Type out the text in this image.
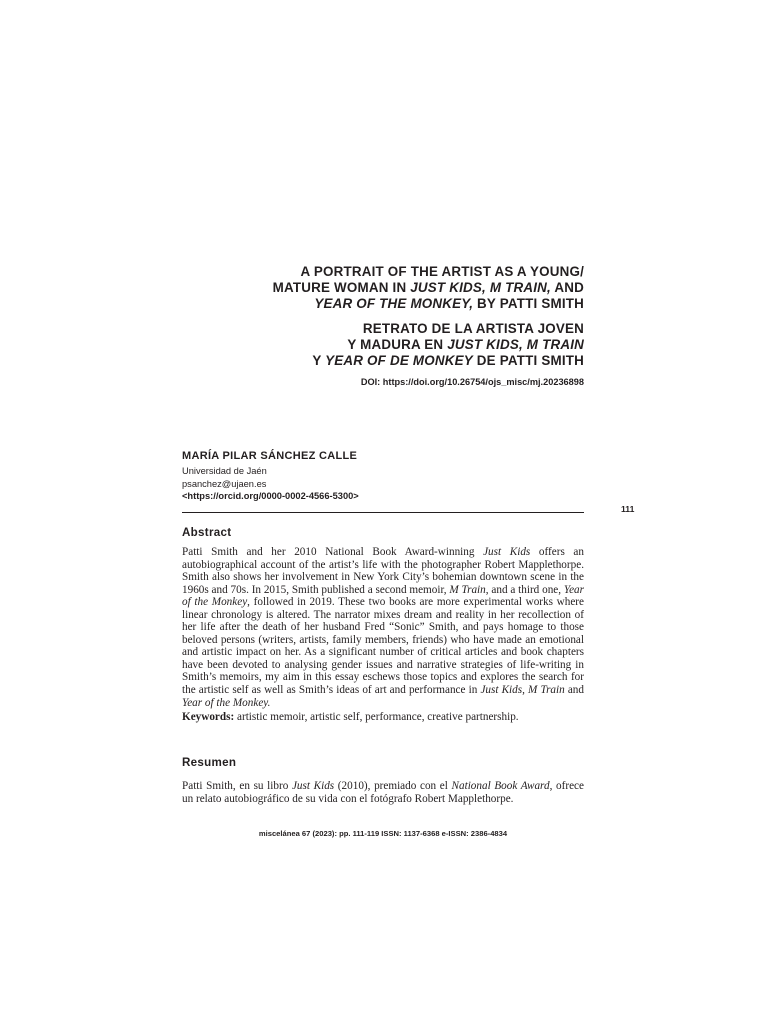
A PORTRAIT OF THE ARTIST AS A YOUNG/

MATURE WOMAN IN JUST KIDS, M TRAIN, AND

YEAR OF THE MONKEY, BY PATTI SMITH

RETRATO DE LA ARTISTA JOVEN

Y MADURA EN JUST KIDS, M TRAIN

Y YEAR OF DE MONKEY DE PATTI SMITH

DOI: https://doi.org/10.26754/ojs_misc/mj.20236898

MARÍA PILAR SÁNCHEZ CALLE

Universidad de Jaén

psanchez@ujaen.es

<https://orcid.org/0000-0002-4566-5300>

111

Abstract

Patti Smith and her 2010 National Book Award-winning Just Kids offers an autobiographical account of the artist’s life with the photographer Robert Mapplethorpe. Smith also shows her involvement in New York City’s bohemian downtown scene in the 1960s and 70s. In 2015, Smith published a second memoir, M Train, and a third one, Year of the Monkey, followed in 2019. These two books are more experimental works where linear chronology is altered. The narrator mixes dream and reality in her recollection of her life after the death of her husband Fred “Sonic” Smith, and pays homage to those beloved persons (writers, artists, family members, friends) who have made an emotional and artistic impact on her. As a significant number of critical articles and book chapters have been devoted to analysing gender issues and narrative strategies of life-writing in Smith’s memoirs, my aim in this essay eschews those topics and explores the search for the artistic self as well as Smith’s ideas of art and performance in Just Kids, M Train and Year of the Monkey.

Keywords: artistic memoir, artistic self, performance, creative partnership.

Resumen

Patti Smith, en su libro Just Kids (2010), premiado con el National Book Award, ofrece un relato autobiográfico de su vida con el fotógrafo Robert Mapplethorpe.

miscelánea 67 (2023): pp. 111-119 ISSN: 1137-6368 e-ISSN: 2386-4834
